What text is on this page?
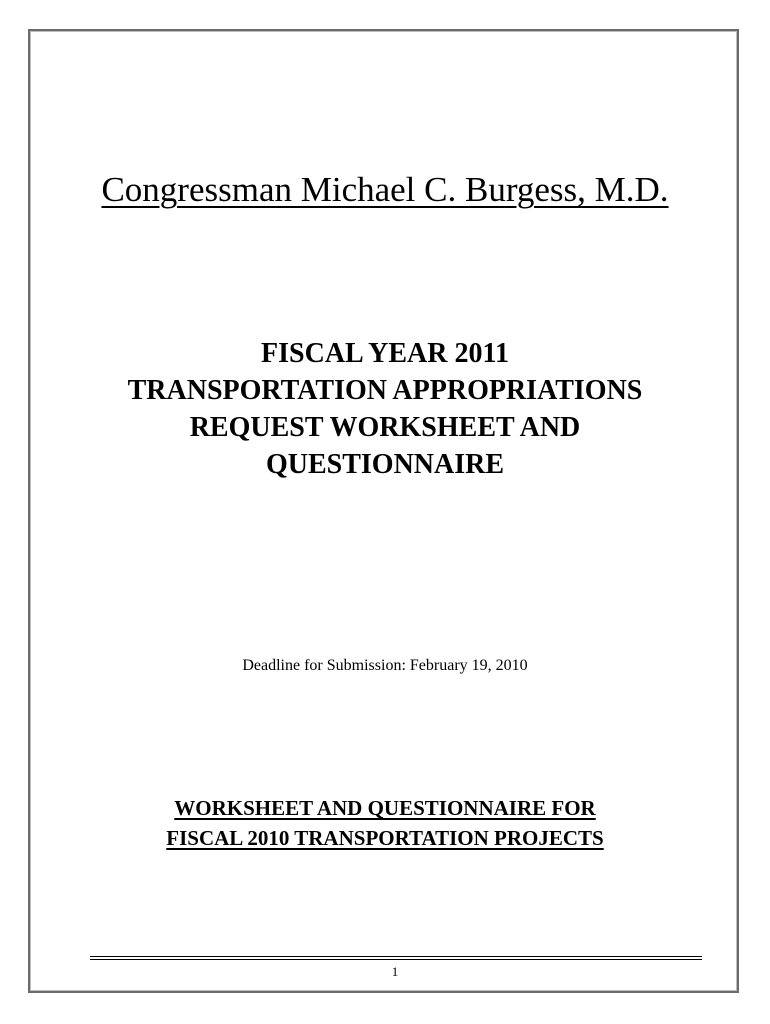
Congressman Michael C. Burgess, M.D.
FISCAL YEAR 2011
TRANSPORTATION APPROPRIATIONS
REQUEST WORKSHEET AND
QUESTIONNAIRE

Deadline for Submission: February 19, 2010

WORKSHEET AND QUESTIONNAIRE FOR
FISCAL 2010 TRANSPORTATION PROJECTS
1
